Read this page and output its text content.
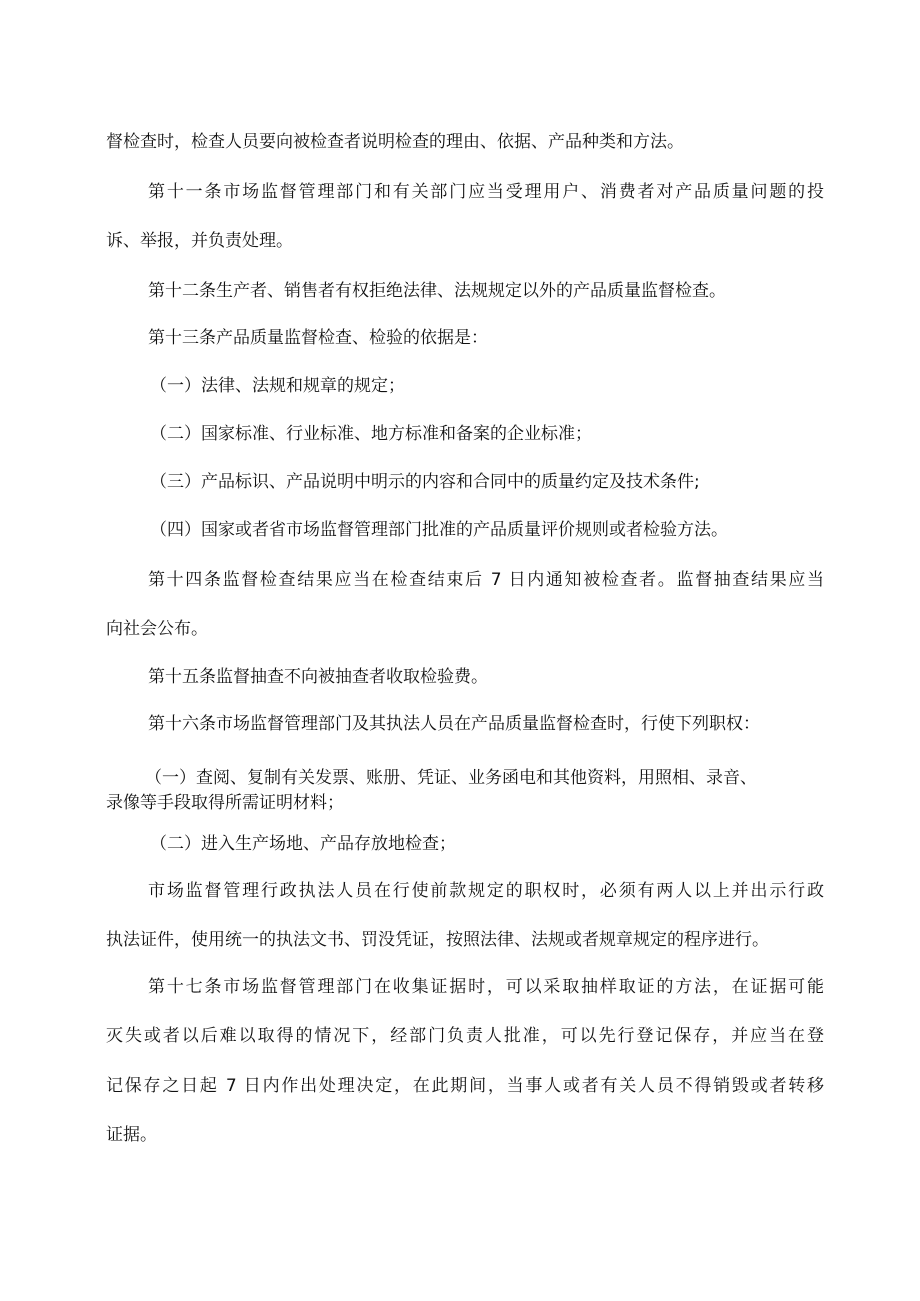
督检查时，检查人员要向被检查者说明检查的理由、依据、产品种类和方法。

第十一条市场监督管理部门和有关部门应当受理用户、消费者对产品质量问题的投

诉、举报，并负责处理。

第十二条生产者、销售者有权拒绝法律、法规规定以外的产品质量监督检查。

第十三条产品质量监督检查、检验的依据是：

（一）法律、法规和规章的规定；

（二）国家标准、行业标准、地方标准和备案的企业标准；

（三）产品标识、产品说明中明示的内容和合同中的质量约定及技术条件;

（四）国家或者省市场监督管理部门批准的产品质量评价规则或者检验方法。

第十四条监督检查结果应当在检查结束后 7 日内通知被检查者。监督抽查结果应当

向社会公布。

第十五条监督抽查不向被抽查者收取检验费。

第十六条市场监督管理部门及其执法人员在产品质量监督检查时，行使下列职权：

（一）查阅、复制有关发票、账册、凭证、业务函电和其他资料，用照相、录音、

录像等手段取得所需证明材料；

（二）进入生产场地、产品存放地检查；

市场监督管理行政执法人员在行使前款规定的职权时，必须有两人以上并出示行政

执法证件，使用统一的执法文书、罚没凭证，按照法律、法规或者规章规定的程序进行。

第十七条市场监督管理部门在收集证据时，可以采取抽样取证的方法，在证据可能

灭失或者以后难以取得的情况下，经部门负责人批准，可以先行登记保存，并应当在登

记保存之日起 7 日内作出处理决定，在此期间，当事人或者有关人员不得销毁或者转移

证据。
